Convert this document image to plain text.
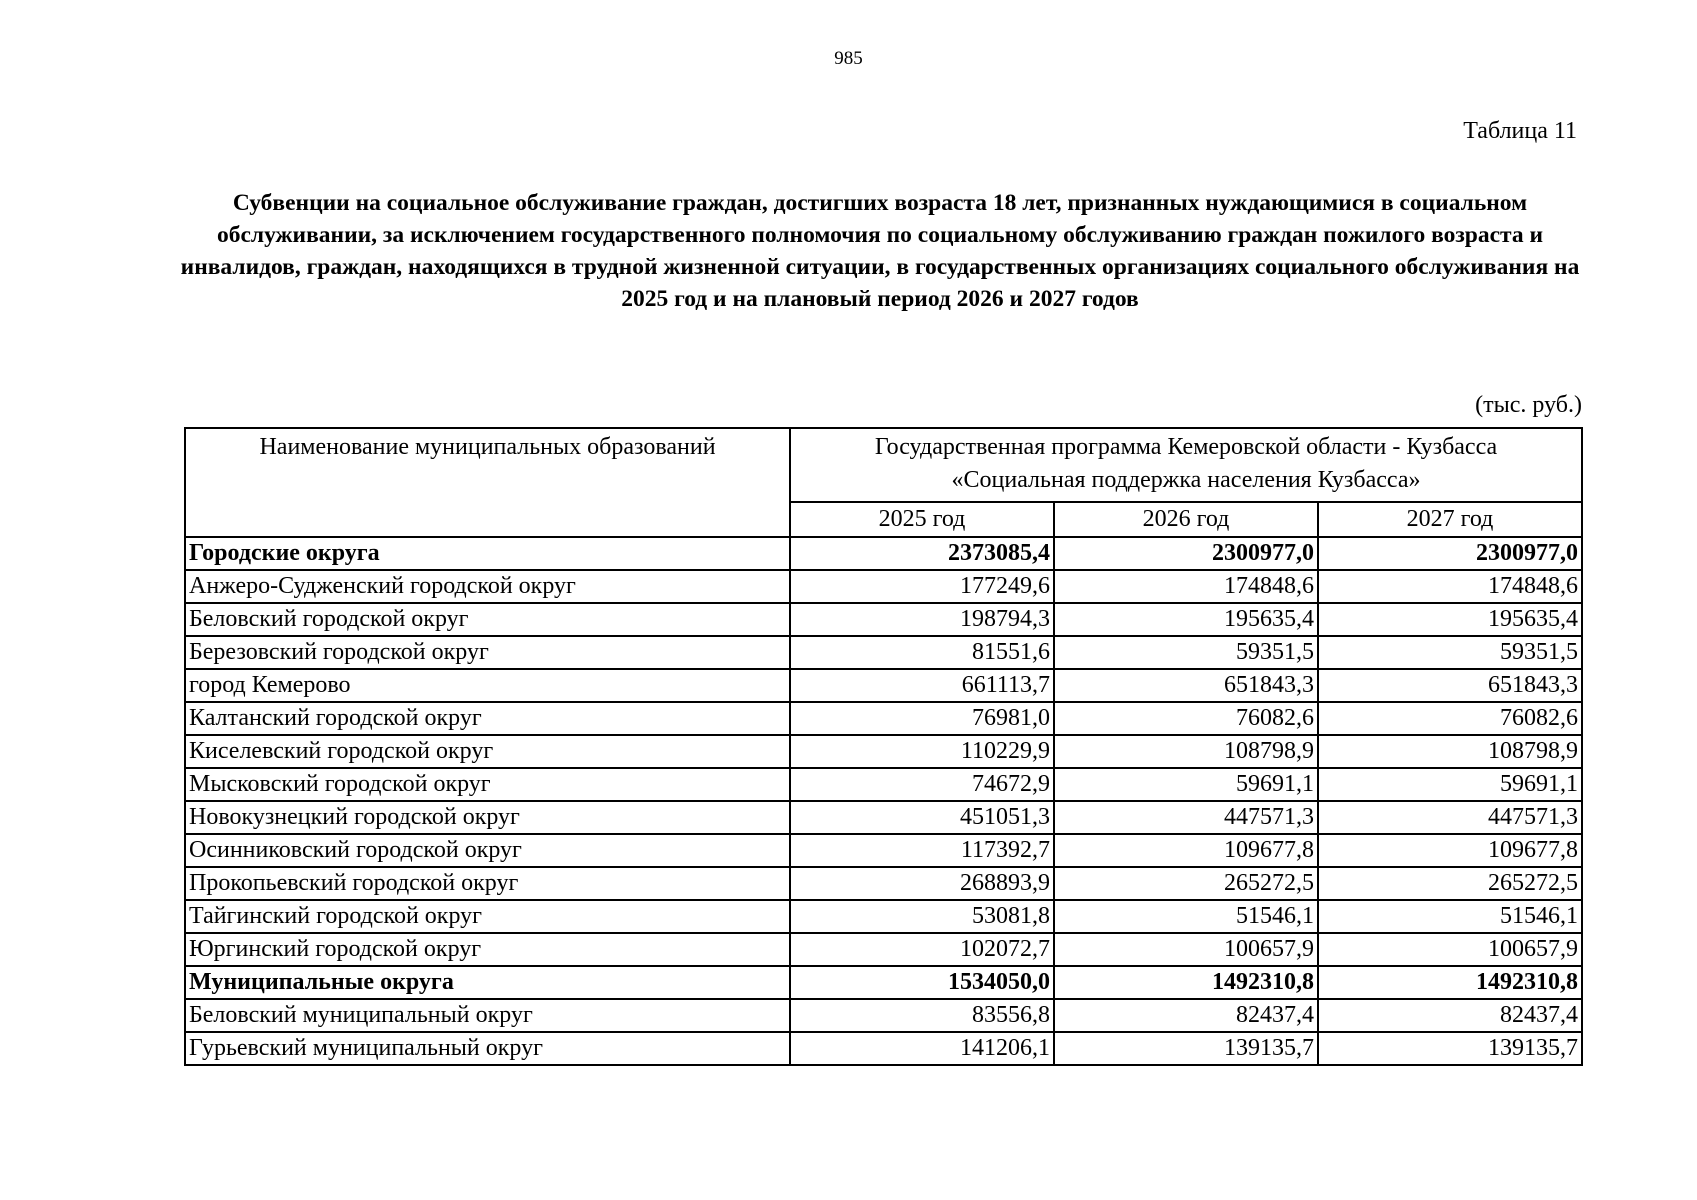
985
Таблица 11
Субвенции на социальное обслуживание граждан, достигших возраста 18 лет, признанных нуждающимися в социальном обслуживании, за исключением государственного полномочия по социальному обслуживанию граждан пожилого возраста и инвалидов, граждан, находящихся в трудной жизненной ситуации, в государственных организациях социального обслуживания на 2025 год и на плановый период 2026 и 2027 годов
(тыс. руб.)
Наименование муниципальных образований	Государственная программа Кемеровской области - Кузбасса
«Социальная поддержка населения Кузбасса»		

	2025 год	2026 год	2027 год
Городские округа	2373085,4	2300977,0	2300977,0
Анжеро-Судженский городской округ	177249,6	174848,6	174848,6
Беловский городской округ	198794,3	195635,4	195635,4
Березовский городской округ	81551,6	59351,5	59351,5
город Кемерово	661113,7	651843,3	651843,3
Калтанский городской округ	76981,0	76082,6	76082,6
Киселевский городской округ	110229,9	108798,9	108798,9
Мысковский городской округ	74672,9	59691,1	59691,1
Новокузнецкий городской округ	451051,3	447571,3	447571,3
Осинниковский городской округ	117392,7	109677,8	109677,8
Прокопьевский городской округ	268893,9	265272,5	265272,5
Тайгинский городской округ	53081,8	51546,1	51546,1
Юргинский городской округ	102072,7	100657,9	100657,9
Муниципальные округа	1534050,0	1492310,8	1492310,8
Беловский муниципальный округ	83556,8	82437,4	82437,4
Гурьевский муниципальный округ	141206,1	139135,7	139135,7
